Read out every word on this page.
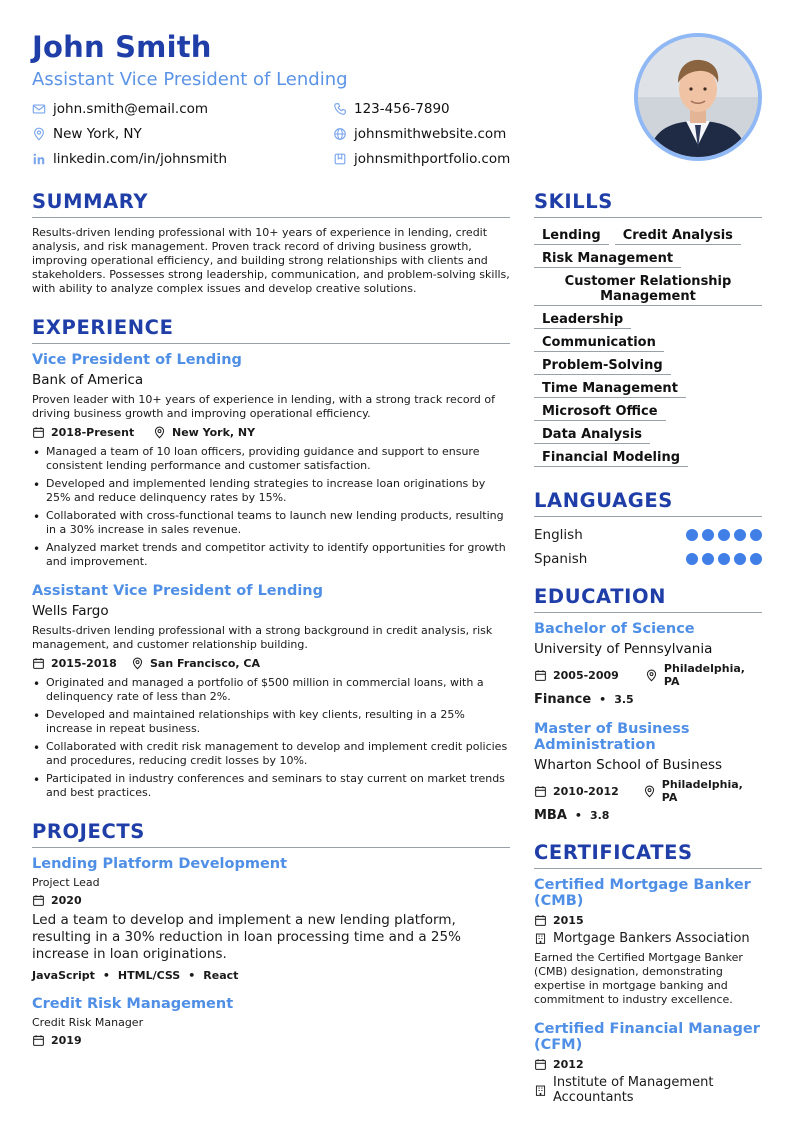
John Smith
Assistant Vice President of Lending
john.smith@email.com	123-456-7890
New York, NY	johnsmithwebsite.com
linkedin.com/in/johnsmith	johnsmithportfolio.com
SUMMARY
Results-driven lending professional with 10+ years of experience in lending, credit analysis, and risk management. Proven track record of driving business growth, improving operational efficiency, and building strong relationships with clients and stakeholders. Possesses strong leadership, communication, and problem-solving skills, with ability to analyze complex issues and develop creative solutions.
EXPERIENCE
Vice President of Lending
Bank of America
Proven leader with 10+ years of experience in lending, with a strong track record of driving business growth and improving operational efficiency.
2018-Present	New York, NY
• Managed a team of 10 loan officers, providing guidance and support to ensure consistent lending performance and customer satisfaction.
• Developed and implemented lending strategies to increase loan originations by 25% and reduce delinquency rates by 15%.
• Collaborated with cross-functional teams to launch new lending products, resulting in a 30% increase in sales revenue.
• Analyzed market trends and competitor activity to identify opportunities for growth and improvement.
Assistant Vice President of Lending
Wells Fargo
Results-driven lending professional with a strong background in credit analysis, risk management, and customer relationship building.
2015-2018	San Francisco, CA
• Originated and managed a portfolio of $500 million in commercial loans, with a delinquency rate of less than 2%.
• Developed and maintained relationships with key clients, resulting in a 25% increase in repeat business.
• Collaborated with credit risk management to develop and implement credit policies and procedures, reducing credit losses by 10%.
• Participated in industry conferences and seminars to stay current on market trends and best practices.
PROJECTS
Lending Platform Development
Project Lead
2020
Led a team to develop and implement a new lending platform, resulting in a 30% reduction in loan processing time and a 25% increase in loan originations.
JavaScript • HTML/CSS • React
Credit Risk Management
Credit Risk Manager
2019
SKILLS
Lending	Credit Analysis
Risk Management
Customer Relationship Management
Leadership
Communication
Problem-Solving
Time Management
Microsoft Office
Data Analysis
Financial Modeling
LANGUAGES
English
Spanish
EDUCATION
Bachelor of Science
University of Pennsylvania
2005-2009	Philadelphia, PA
Finance • 3.5
Master of Business Administration
Wharton School of Business
2010-2012	Philadelphia, PA
MBA • 3.8
CERTIFICATES
Certified Mortgage Banker (CMB)
2015
Mortgage Bankers Association
Earned the Certified Mortgage Banker (CMB) designation, demonstrating expertise in mortgage banking and commitment to industry excellence.
Certified Financial Manager (CFM)
2012
Institute of Management Accountants
